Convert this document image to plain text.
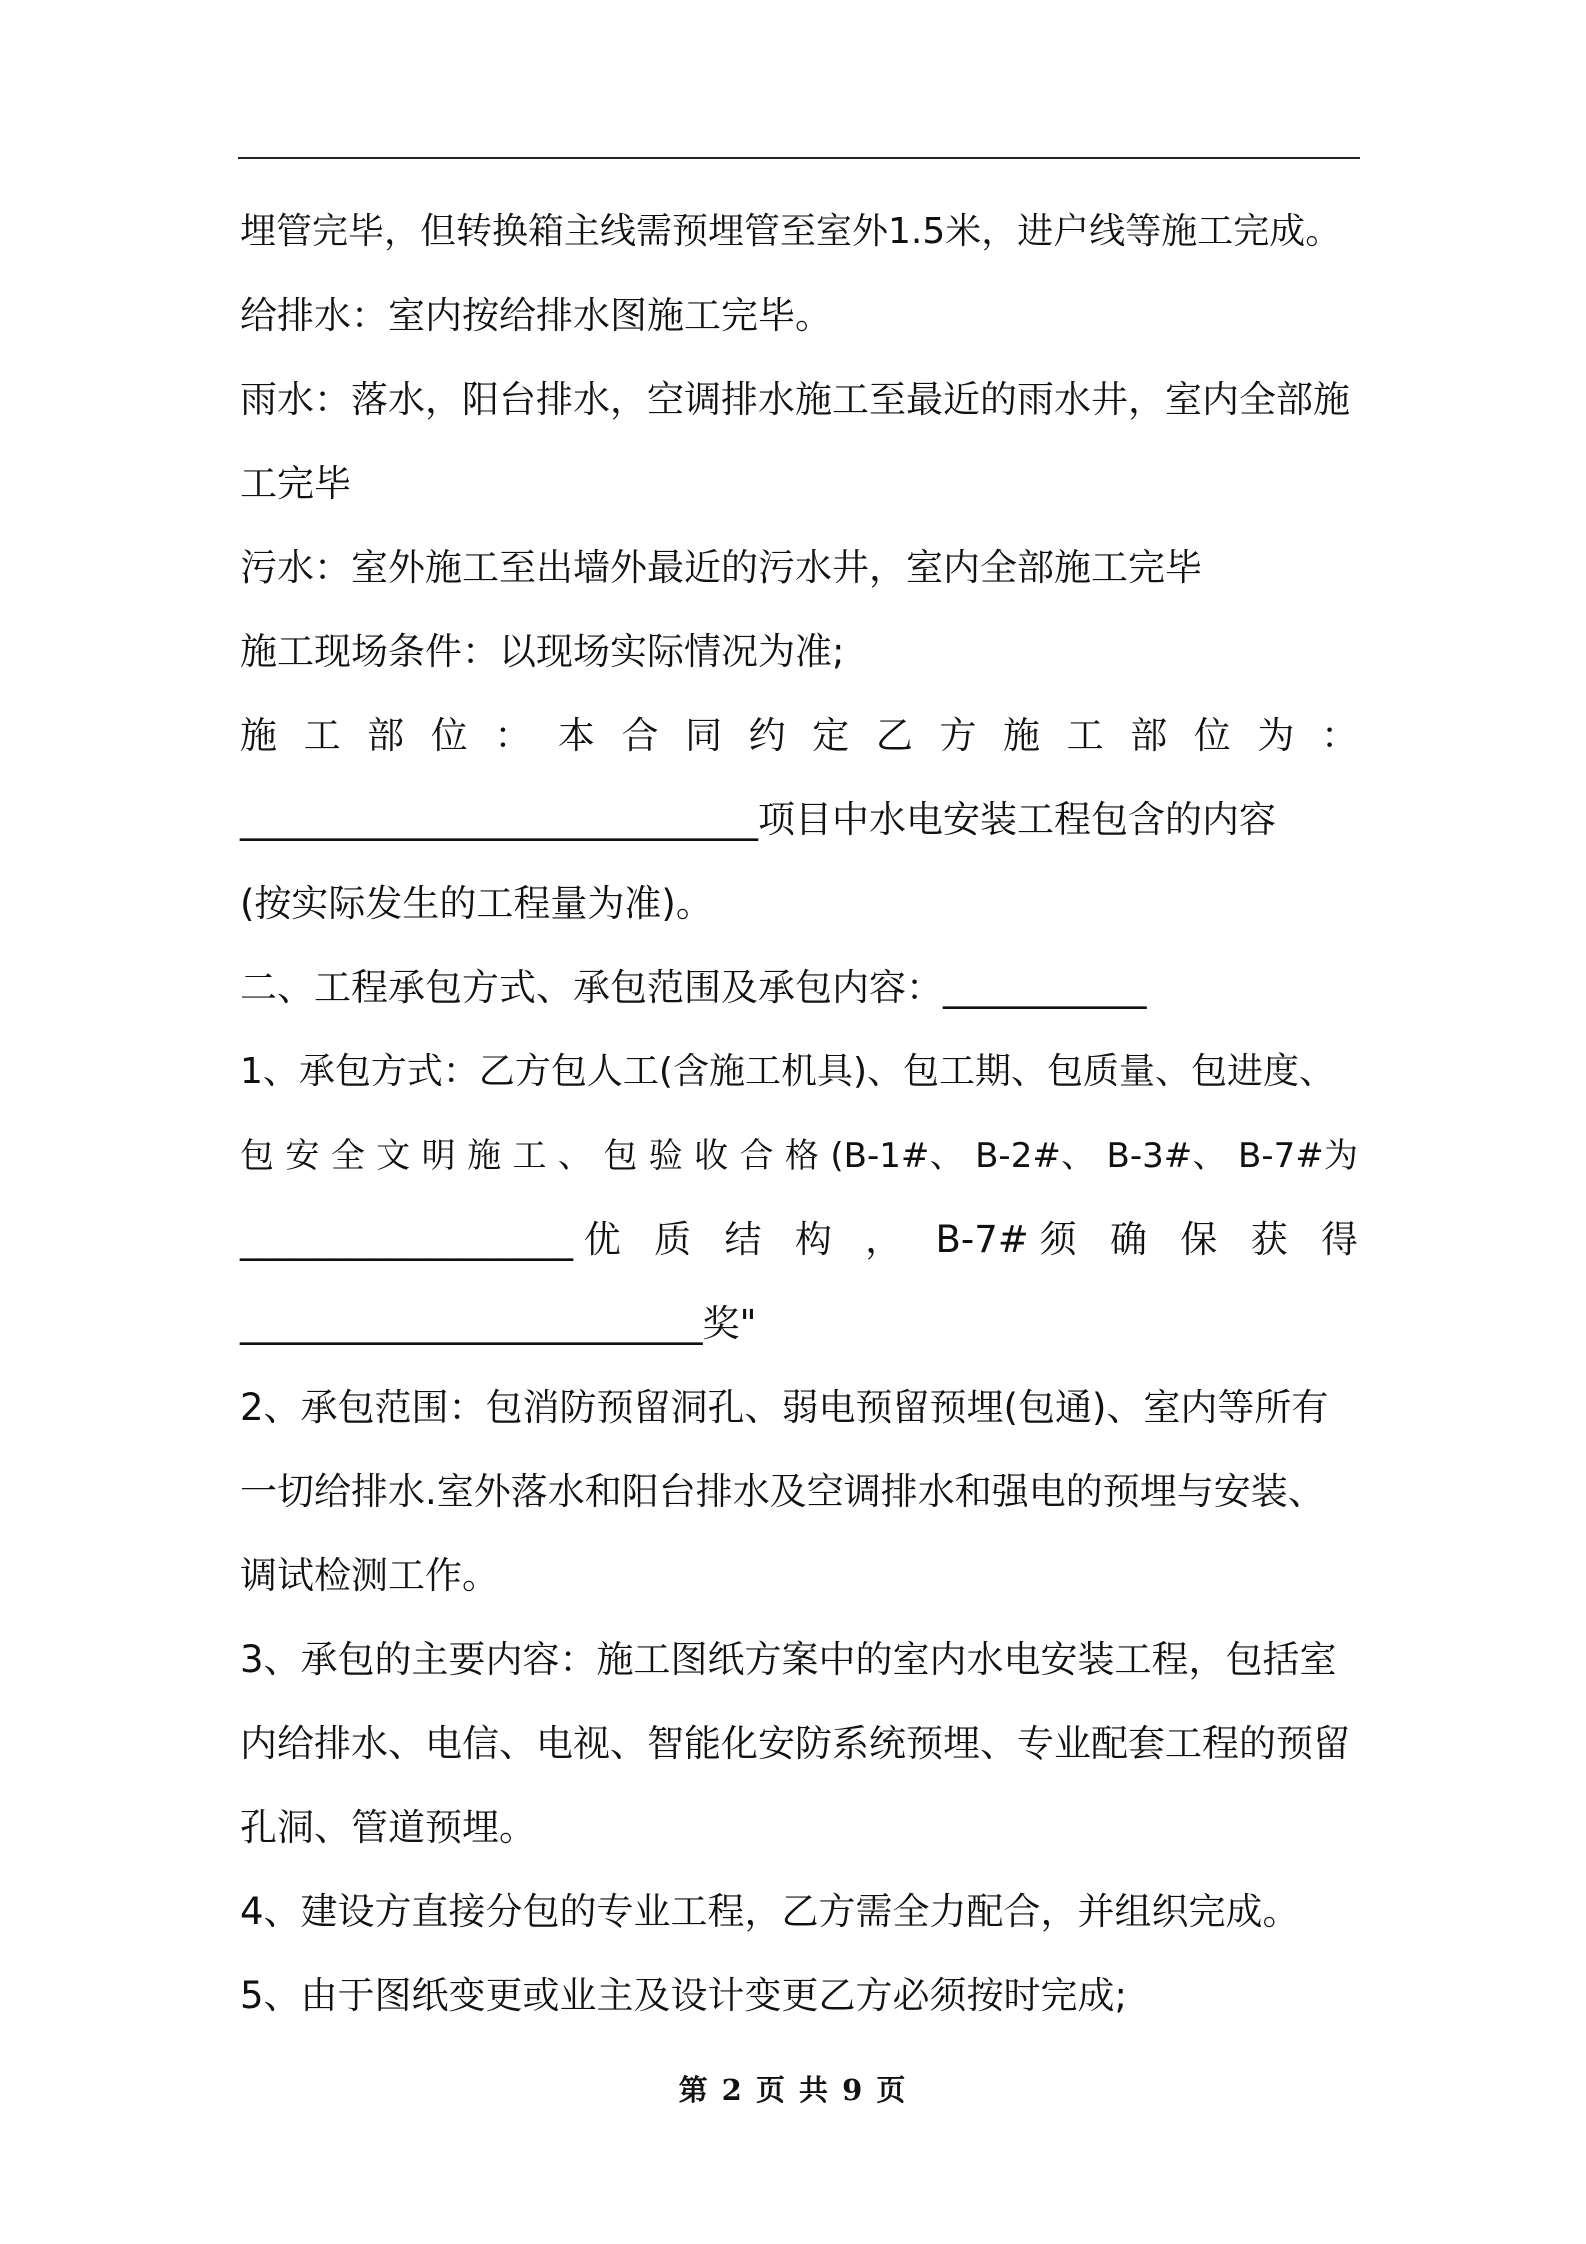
埋管完毕，但转换箱主线需预埋管至室外1.5米，进户线等施工完成。
给排水：室内按给排水图施工完毕。
雨水：落水，阳台排水，空调排水施工至最近的雨水井，室内全部施
工完毕
污水：室外施工至出墙外最近的污水井，室内全部施工完毕
施工现场条件：以现场实际情况为准;
施 工 部 位 ： 本 合 同 约 定 乙 方 施 工 部 位 为 ：
____________________________项目中水电安装工程包含的内容
(按实际发生的工程量为准)。
二、工程承包方式、承包范围及承包内容：___________
1、承包方式：乙方包人工(含施工机具)、包工期、包质量、包进度、
包 安 全 文 明 施 工 、 包 验 收 合 格 (B-1#、 B-2#、 B-3#、 B-7#为
__________________优 质 结 构 ， B-7#须 确 保 获 得
_________________________奖"
2、承包范围：包消防预留洞孔、弱电预留预埋(包通)、室内等所有
一切给排水.室外落水和阳台排水及空调排水和强电的预埋与安装、
调试检测工作。
3、承包的主要内容：施工图纸方案中的室内水电安装工程，包括室
内给排水、电信、电视、智能化安防系统预埋、专业配套工程的预留
孔洞、管道预埋。
4、建设方直接分包的专业工程，乙方需全力配合，并组织完成。
5、由于图纸变更或业主及设计变更乙方必须按时完成;
第 2 页 共 9 页
